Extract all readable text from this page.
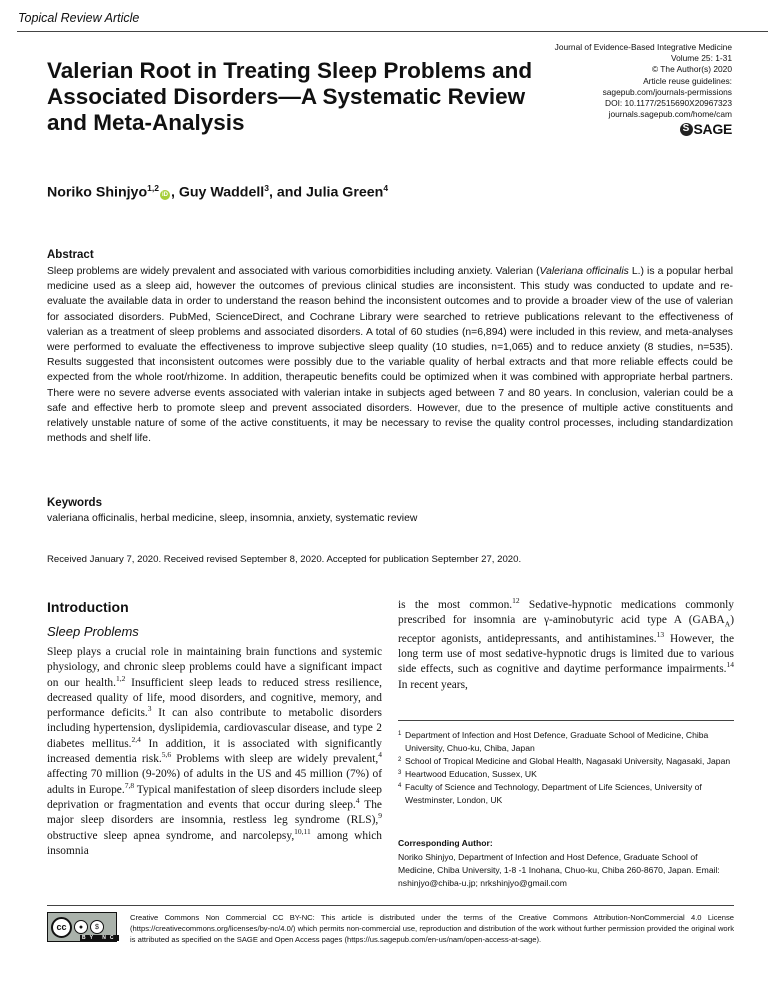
Topical Review Article
Valerian Root in Treating Sleep Problems and Associated Disorders—A Systematic Review and Meta-Analysis
Journal of Evidence-Based Integrative Medicine
Volume 25: 1-31
© The Author(s) 2020
Article reuse guidelines:
sagepub.com/journals-permissions
DOI: 10.1177/2515690X20967323
journals.sagepub.com/home/cam
S SAGE
Noriko Shinjyo$^{1,2}$iD , Guy Waddell$^3$, and Julia Green$^4$
Abstract
Sleep problems are widely prevalent and associated with various comorbidities including anxiety. Valerian (Valeriana officinalis L.) is a popular herbal medicine used as a sleep aid, however the outcomes of previous clinical studies are inconsistent. This study was conducted to update and re-evaluate the available data in order to understand the reason behind the inconsistent outcomes and to provide a broader view of the use of valerian for associated disorders. PubMed, ScienceDirect, and Cochrane Library were searched to retrieve publications relevant to the effectiveness of valerian as a treatment of sleep problems and associated disorders. A total of 60 studies (n=6,894) were included in this review, and meta-analyses were performed to evaluate the effectiveness to improve subjective sleep quality (10 studies, n=1,065) and to reduce anxiety (8 studies, n=535). Results suggested that inconsistent outcomes were possibly due to the variable quality of herbal extracts and that more reliable effects could be expected from the whole root/rhizome. In addition, therapeutic benefits could be optimized when it was combined with appropriate herbal partners. There were no severe adverse events associated with valerian intake in subjects aged between 7 and 80 years. In conclusion, valerian could be a safe and effective herb to promote sleep and prevent associated disorders. However, due to the presence of multiple active constituents and relatively unstable nature of some of the active constituents, it may be necessary to revise the quality control processes, including standardization methods and shelf life.
Keywords
valeriana officinalis, herbal medicine, sleep, insomnia, anxiety, systematic review
Received January 7, 2020. Received revised September 8, 2020. Accepted for publication September 27, 2020.
Introduction
Sleep Problems
Sleep plays a crucial role in maintaining brain functions and systemic physiology, and chronic sleep problems could have a significant impact on our health.$^{1,2}$ Insufficient sleep leads to reduced stress resilience, decreased quality of life, mood disorders, and cognitive, memory, and performance deficits.$^3$ It can also contribute to metabolic disorders including hypertension, dyslipidemia, cardiovascular disease, and type 2 diabetes mellitus.$^{2,4}$ In addition, it is associated with significantly increased dementia risk.$^{5,6}$ Problems with sleep are widely prevalent,$^4$ affecting 70 million (9-20%) of adults in the US and 45 million (7%) of adults in Europe.$^{7,8}$ Typical manifestation of sleep disorders include sleep deprivation or fragmentation and events that occur during sleep.$^4$ The major sleep disorders are insomnia, restless leg syndrome (RLS),$^9$ obstructive sleep apnea syndrome, and narcolepsy,$^{10,11}$ among which insomnia
is the most common.$^{12}$ Sedative-hypnotic medications commonly prescribed for insomnia are γ-aminobutyric acid type A $(GABA_A)$ receptor agonists, antidepressants, and antihistamines.$^{13}$ However, the long term use of most sedative-hypnotic drugs is limited due to various side effects, such as cognitive and daytime performance impairments.$^{14}$ In recent years,
1 Department of Infection and Host Defence, Graduate School of Medicine, Chiba University, Chuo-ku, Chiba, Japan
2 School of Tropical Medicine and Global Health, Nagasaki University, Nagasaki, Japan
3 Heartwood Education, Sussex, UK
4 Faculty of Science and Technology, Department of Life Sciences, University of Westminster, London, UK
Corresponding Author:
Noriko Shinjyo, Department of Infection and Host Defence, Graduate School of Medicine, Chiba University, 1-8 -1 Inohana, Chuo-ku, Chiba 260-8670, Japan. Email: nshinjyo@chiba-u.jp; nrkshinjyo@gmail.com
cc	●	$
BY NC
Creative Commons Non Commercial CC BY-NC: This article is distributed under the terms of the Creative Commons Attribution-NonCommercial 4.0 License (https://creativecommons.org/licenses/by-nc/4.0/) which permits non-commercial use, reproduction and distribution of the work without further permission provided the original work is attributed as specified on the SAGE and Open Access pages (https://us.sagepub.com/en-us/nam/open-access-at-sage).
